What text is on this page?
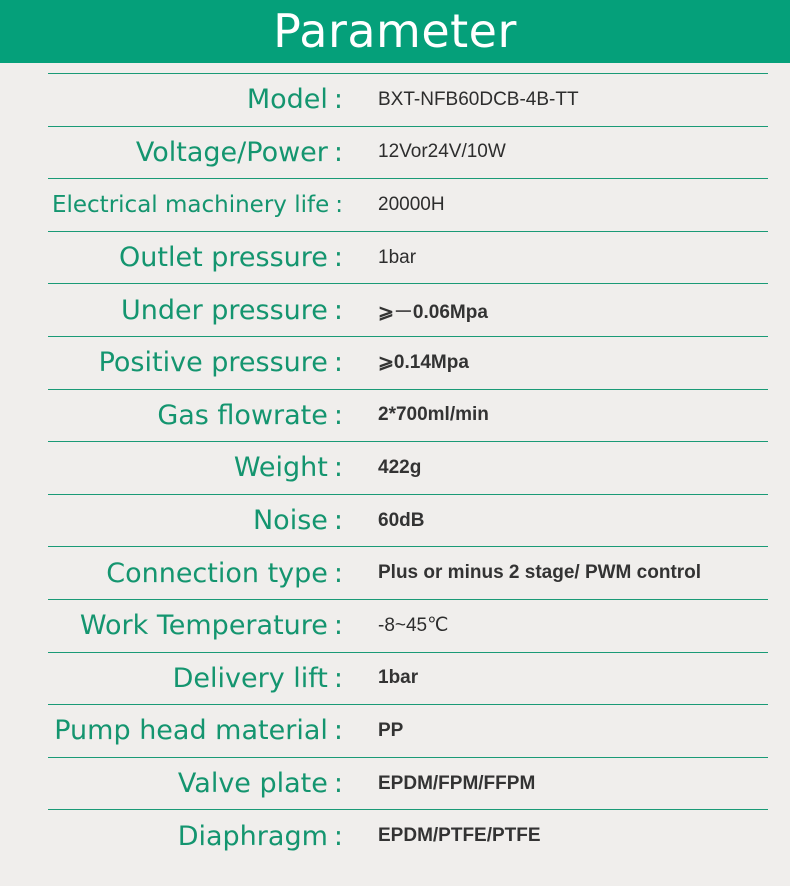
Parameter
Model : BXT-NFB60DCB-4B-TT
Voltage/Power : 12Vor24V/10W
Electrical machinery life : 20000H
Outlet pressure : 1bar
Under pressure : ⩾－0.06Mpa
Positive pressure : ⩾0.14Mpa
Gas flowrate : 2*700ml/min
Weight : 422g
Noise : 60dB
Connection type : Plus or minus 2 stage/ PWM control
Work Temperature : -8~45℃
Delivery lift : 1bar
Pump head material : PP
Valve plate : EPDM/FPM/FFPM
Diaphragm : EPDM/PTFE/PTFE
